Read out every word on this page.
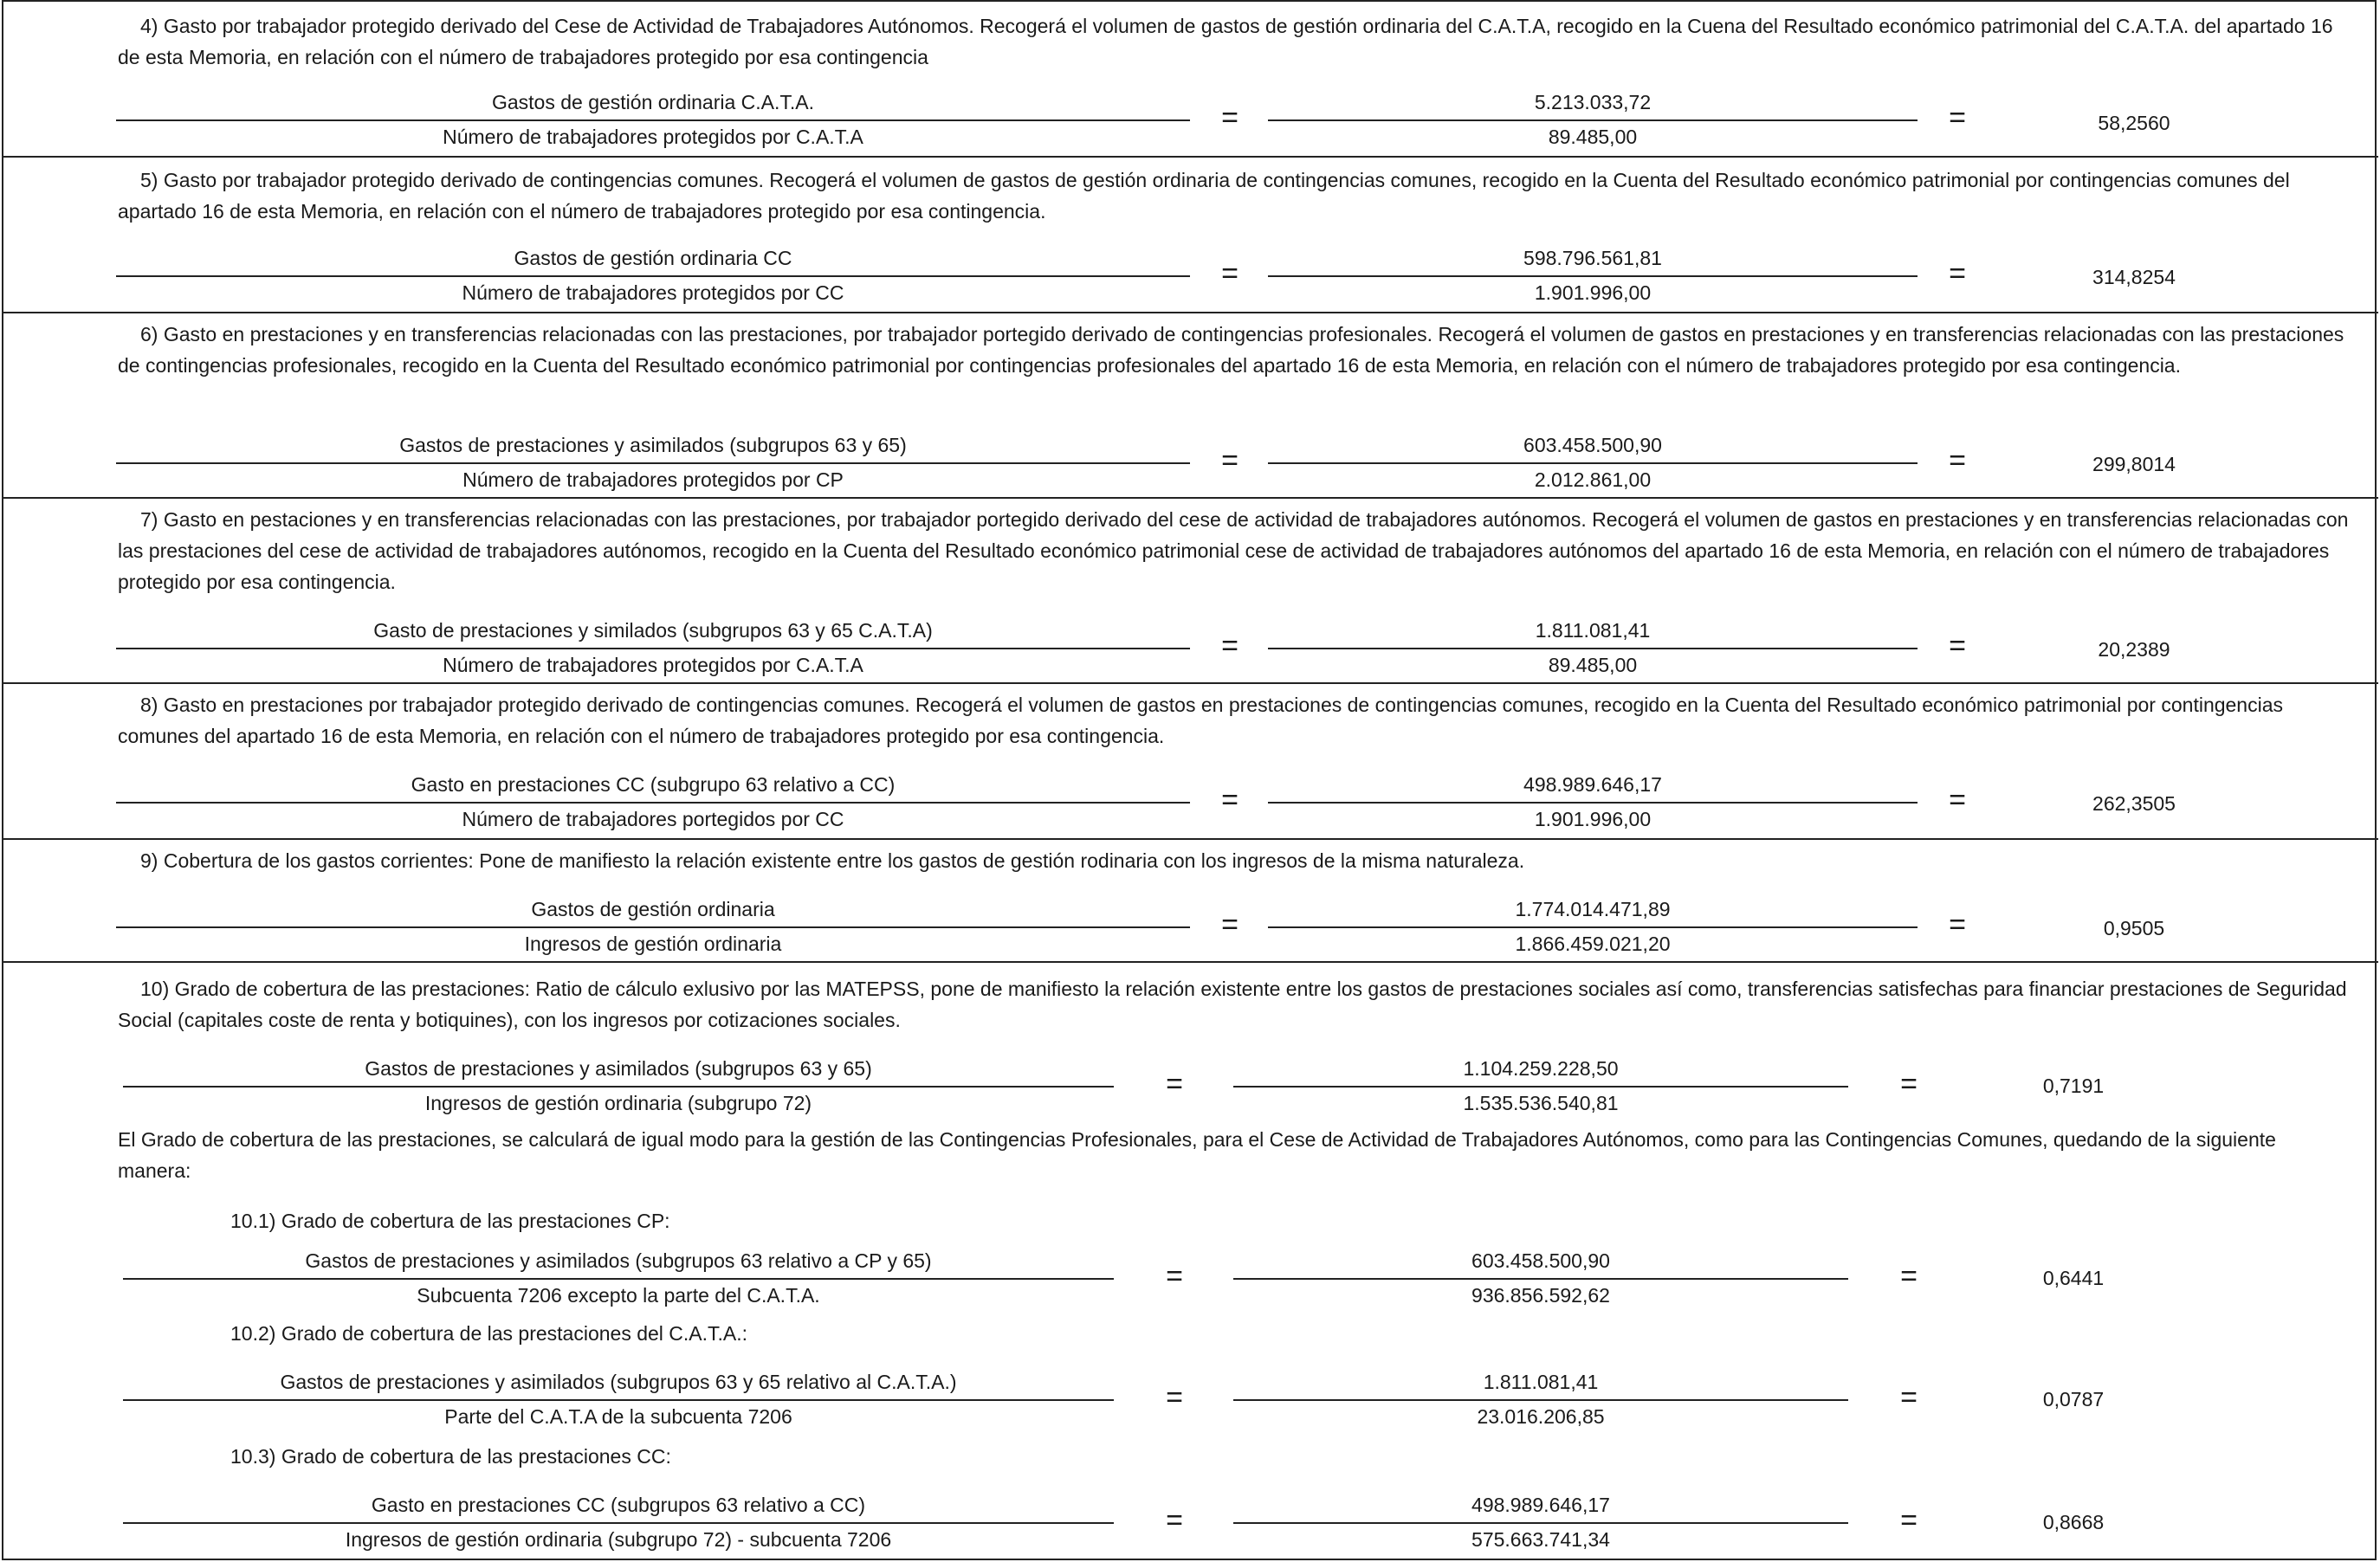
4) Gasto por trabajador protegido derivado del Cese de Actividad de Trabajadores Autónomos. Recogerá el volumen de gastos de gestión ordinaria del C.A.T.A, recogido en la Cuena del Resultado económico patrimonial del C.A.T.A. del apartado 16 de esta Memoria, en relación con el número de trabajadores protegido por esa contingencia

Gastos de gestión ordinaria C.A.T.A.
Número de trabajadores protegidos por C.A.T.A
=	5.213.033,72
89.485,00
=	58,2560

5) Gasto por trabajador protegido derivado de contingencias comunes. Recogerá el volumen de gastos de gestión ordinaria de contingencias comunes, recogido en la Cuenta del Resultado económico patrimonial por contingencias comunes del apartado 16 de esta Memoria, en relación con el número de trabajadores protegido por esa contingencia.

Gastos de gestión ordinaria CC
Número de trabajadores protegidos por CC
=	598.796.561,81
1.901.996,00
=	314,8254

6) Gasto en prestaciones y en transferencias relacionadas con las prestaciones, por trabajador portegido derivado de contingencias profesionales. Recogerá el volumen de gastos en prestaciones y en transferencias relacionadas con las prestaciones de contingencias profesionales, recogido en la Cuenta del Resultado económico patrimonial por contingencias profesionales del apartado 16 de esta Memoria, en relación con el número de trabajadores protegido por esa contingencia.

Gastos de prestaciones y asimilados (subgrupos 63 y 65)
Número de trabajadores protegidos por CP
=	603.458.500,90
2.012.861,00
=	299,8014

7) Gasto en pestaciones y en transferencias relacionadas con las prestaciones, por trabajador portegido derivado del cese de actividad de trabajadores autónomos. Recogerá el volumen de gastos en prestaciones y en transferencias relacionadas con las prestaciones del cese de actividad de trabajadores autónomos, recogido en la Cuenta del Resultado económico patrimonial cese de actividad de trabajadores autónomos del apartado 16 de esta Memoria, en relación con el número de trabajadores protegido por esa contingencia.

Gasto de prestaciones y similados (subgrupos 63 y 65 C.A.T.A)
Número de trabajadores protegidos por C.A.T.A
=	1.811.081,41
89.485,00
=	20,2389

8) Gasto en prestaciones por trabajador protegido derivado de contingencias comunes. Recogerá el volumen de gastos en prestaciones de contingencias comunes, recogido en la Cuenta del Resultado económico patrimonial por contingencias comunes del apartado 16 de esta Memoria, en relación con el número de trabajadores protegido por esa contingencia.

Gasto en prestaciones CC (subgrupo 63 relativo a CC)
Número de trabajadores portegidos por CC
=	498.989.646,17
1.901.996,00
=	262,3505

9) Cobertura de los gastos corrientes: Pone de manifiesto la relación existente entre los gastos de gestión rodinaria con los ingresos de la misma naturaleza.

Gastos de gestión ordinaria
Ingresos de gestión ordinaria
=	1.774.014.471,89
1.866.459.021,20
=	0,9505

10) Grado de cobertura de las prestaciones: Ratio de cálculo exlusivo por las MATEPSS, pone de manifiesto la relación existente entre los gastos de prestaciones sociales así como, transferencias satisfechas para financiar prestaciones de Seguridad Social (capitales coste de renta y botiquines), con los ingresos por cotizaciones sociales.

Gastos de prestaciones y asimilados (subgrupos 63 y 65)
Ingresos de gestión ordinaria (subgrupo 72)
=	1.104.259.228,50
1.535.536.540,81
=	0,7191

El Grado de cobertura de las prestaciones, se calculará de igual modo para la gestión de las Contingencias Profesionales, para el Cese de Actividad de Trabajadores Autónomos, como para las Contingencias Comunes, quedando de la siguiente manera:

10.1) Grado de cobertura de las prestaciones CP:
Gastos de prestaciones y asimilados (subgrupos 63 relativo a CP y 65)
Subcuenta 7206 excepto la parte del C.A.T.A.
=	603.458.500,90
936.856.592,62
=	0,6441
10.2) Grado de cobertura de las prestaciones del C.A.T.A.:
Gastos de prestaciones y asimilados (subgrupos 63 y 65 relativo al C.A.T.A.)
Parte del C.A.T.A de la subcuenta 7206
=	1.811.081,41
23.016.206,85
=	0,0787
10.3) Grado de cobertura de las prestaciones CC:
Gasto en prestaciones CC (subgrupos 63 relativo a CC)
Ingresos de gestión ordinaria (subgrupo 72) - subcuenta 7206
=	498.989.646,17
575.663.741,34
=	0,8668
